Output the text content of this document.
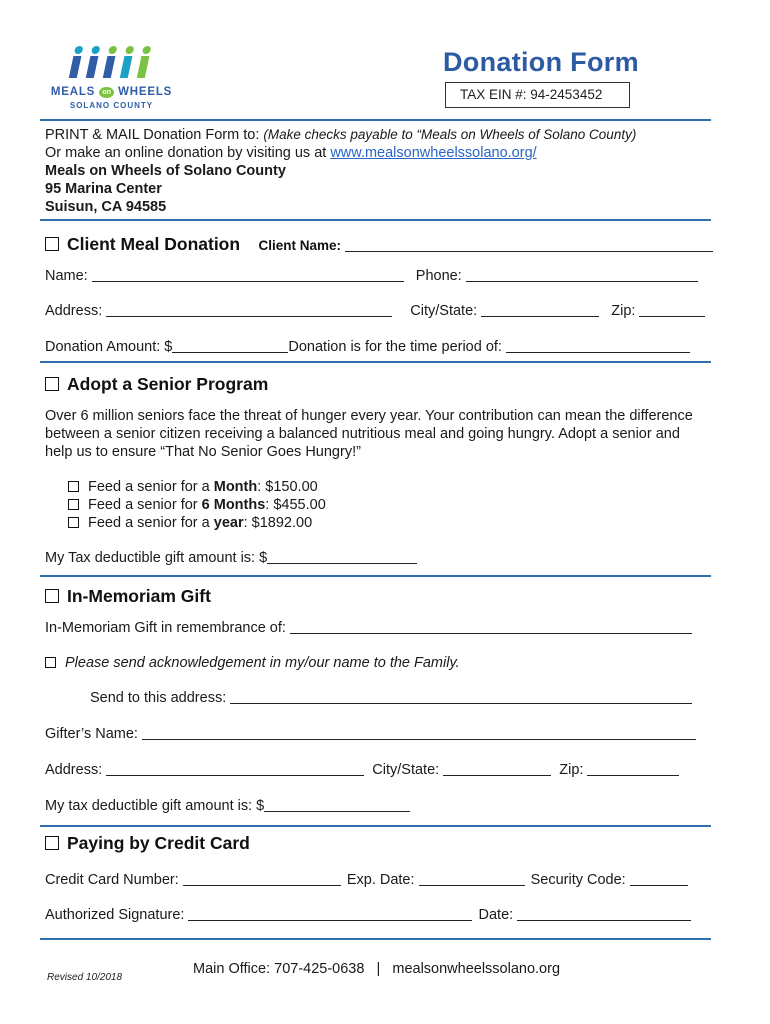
MEALS on WHEELS
SOLANO COUNTY
Donation Form
TAX EIN #: 94-2453452
PRINT & MAIL Donation Form to: (Make checks payable to “Meals on Wheels of Solano County)
Or make an online donation by visiting us at www.mealsonwheelssolano.org/
Meals on Wheels of Solano County
95 Marina Center
Suisun, CA 94585
Client Meal Donation Client Name:
Name:	Phone:
Address:	City/State:	Zip:
Donation Amount: $	Donation is for the time period of:
Adopt a Senior Program
Over 6 million seniors face the threat of hunger every year. Your contribution can mean the difference
between a senior citizen receiving a balanced nutritious meal and going hungry. Adopt a senior and
help us to ensure “That No Senior Goes Hungry!”
Feed a senior for a Month: $150.00
Feed a senior for 6 Months: $455.00
Feed a senior for a year: $1892.00
My Tax deductible gift amount is: $
In-Memoriam Gift
In-Memoriam Gift in remembrance of:
Please send acknowledgement in my/our name to the Family.
Send to this address:
Gifter’s Name:
Address:	City/State:	Zip:
My tax deductible gift amount is: $
Paying by Credit Card
Credit Card Number:	Exp. Date:	Security Code:
Authorized Signature:	Date:
Revised 10/2018
Main Office: 707-425-0638   |   mealsonwheelssolano.org
